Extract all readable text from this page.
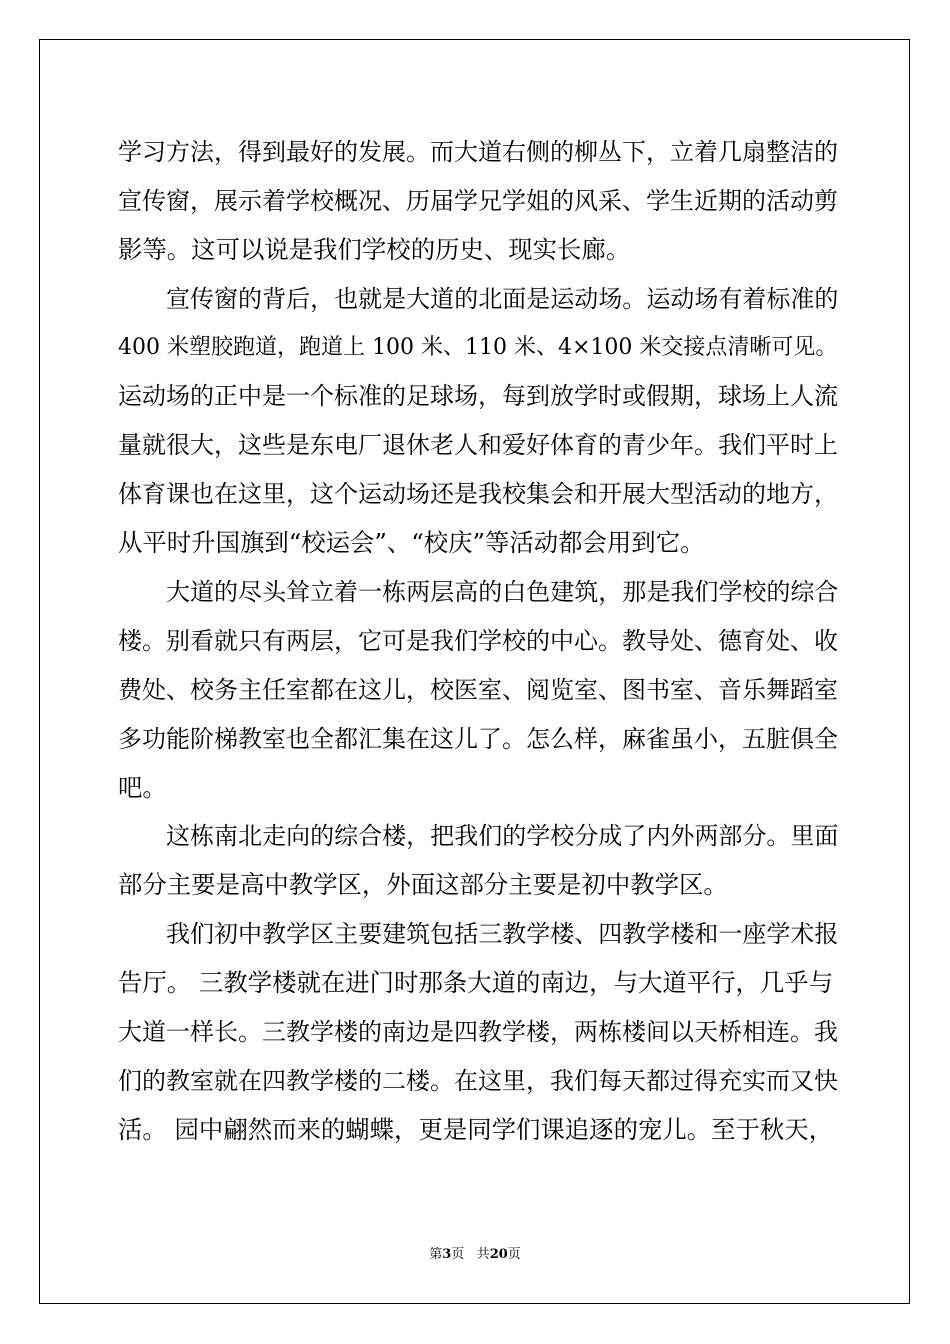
学习方法，得到最好的发展。而大道右侧的柳丛下，立着几扇整洁的

宣传窗，展示着学校概况、历届学兄学姐的风采、学生近期的活动剪

影等。这可以说是我们学校的历史、现实长廊。

宣传窗的背后，也就是大道的北面是运动场。运动场有着标准的

400 米塑胶跑道，跑道上 100 米、110 米、4×100 米交接点清晰可见。

运动场的正中是一个标准的足球场，每到放学时或假期，球场上人流

量就很大，这些是东电厂退休老人和爱好体育的青少年。我们平时上

体育课也在这里，这个运动场还是我校集会和开展大型活动的地方，

从平时升国旗到“校运会”、“校庆”等活动都会用到它。

大道的尽头耸立着一栋两层高的白色建筑，那是我们学校的综合

楼。别看就只有两层，它可是我们学校的中心。教导处、德育处、收

费处、校务主任室都在这儿，校医室、阅览室、图书室、音乐舞蹈室

多功能阶梯教室也全都汇集在这儿了。怎么样，麻雀虽小，五脏俱全

吧。

这栋南北走向的综合楼，把我们的学校分成了内外两部分。里面

部分主要是高中教学区，外面这部分主要是初中教学区。

我们初中教学区主要建筑包括三教学楼、四教学楼和一座学术报

告厅。 三教学楼就在进门时那条大道的南边，与大道平行，几乎与

大道一样长。三教学楼的南边是四教学楼，两栋楼间以天桥相连。我

们的教室就在四教学楼的二楼。在这里，我们每天都过得充实而又快

活。 园中翩然而来的蝴蝶，更是同学们课追逐的宠儿。至于秋天，

第3页 共20页
